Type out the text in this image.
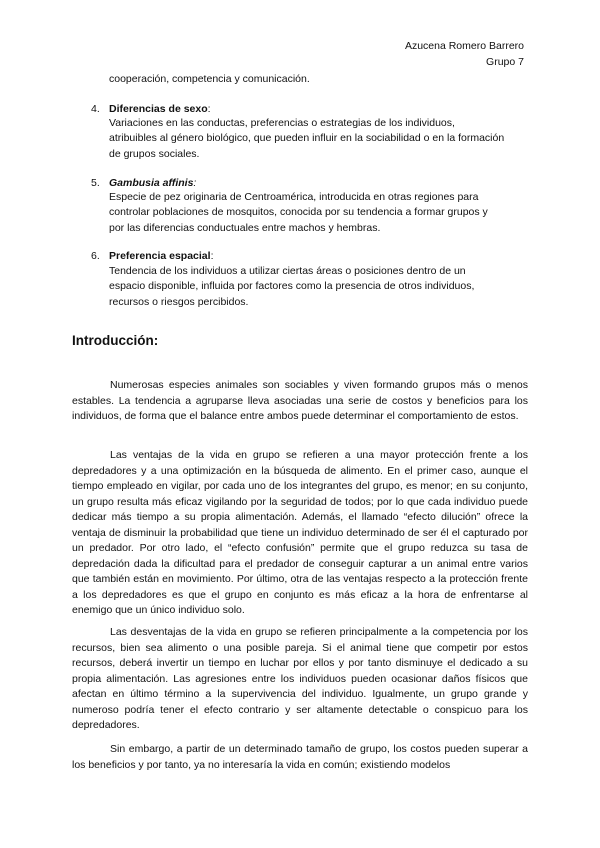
Azucena Romero Barrero
Grupo 7
cooperación, competencia y comunicación.
4. Diferencias de sexo:
Variaciones en las conductas, preferencias o estrategias de los individuos,
atribuibles al género biológico, que pueden influir en la sociabilidad o en la formación
de grupos sociales.
5. Gambusia affinis:
Especie de pez originaria de Centroamérica, introducida en otras regiones para
controlar poblaciones de mosquitos, conocida por su tendencia a formar grupos y
por las diferencias conductuales entre machos y hembras.
6. Preferencia espacial:
Tendencia de los individuos a utilizar ciertas áreas o posiciones dentro de un
espacio disponible, influida por factores como la presencia de otros individuos,
recursos o riesgos percibidos.
Introducción:

Numerosas especies animales son sociables y viven formando grupos más o menos estables. La tendencia a agruparse lleva asociadas una serie de costos y beneficios para los individuos, de forma que el balance entre ambos puede determinar el comportamiento de estos.

Las ventajas de la vida en grupo se refieren a una mayor protección frente a los depredadores y a una optimización en la búsqueda de alimento. En el primer caso, aunque el tiempo empleado en vigilar, por cada uno de los integrantes del grupo, es menor; en su conjunto, un grupo resulta más eficaz vigilando por la seguridad de todos; por lo que cada individuo puede dedicar más tiempo a su propia alimentación. Además, el llamado “efecto dilución” ofrece la ventaja de disminuir la probabilidad que tiene un individuo determinado de ser él el capturado por un predador. Por otro lado, el “efecto confusión” permite que el grupo reduzca su tasa de depredación dada la dificultad para el predador de conseguir capturar a un animal entre varios que también están en movimiento. Por último, otra de las ventajas respecto a la protección frente a los depredadores es que el grupo en conjunto es más eficaz a la hora de enfrentarse al enemigo que un único individuo solo.

Las desventajas de la vida en grupo se refieren principalmente a la competencia por los recursos, bien sea alimento o una posible pareja. Si el animal tiene que competir por estos recursos, deberá invertir un tiempo en luchar por ellos y por tanto disminuye el dedicado a su propia alimentación. Las agresiones entre los individuos pueden ocasionar daños físicos que afectan en último término a la supervivencia del individuo. Igualmente, un grupo grande y numeroso podría tener el efecto contrario y ser altamente detectable o conspicuo para los depredadores.

Sin embargo, a partir de un determinado tamaño de grupo, los costos pueden superar a los beneficios y por tanto, ya no interesaría la vida en común; existiendo modelos
